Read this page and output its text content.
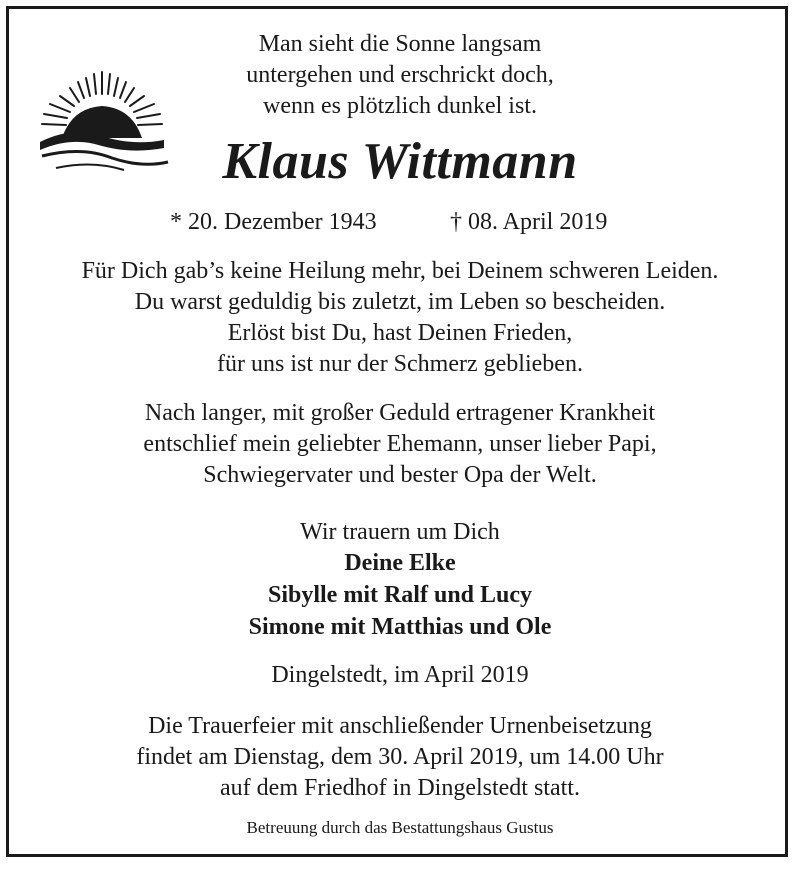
Man sieht die Sonne langsam
untergehen und erschrickt doch,
wenn es plötzlich dunkel ist.
Klaus Wittmann
* 20. Dezember 1943	† 08. April 2019
Für Dich gab’s keine Heilung mehr, bei Deinem schweren Leiden.
Du warst geduldig bis zuletzt, im Leben so bescheiden.
Erlöst bist Du, hast Deinen Frieden,
für uns ist nur der Schmerz geblieben.
Nach langer, mit großer Geduld ertragener Krankheit
entschlief mein geliebter Ehemann, unser lieber Papi,
Schwiegervater und bester Opa der Welt.
Wir trauern um Dich
Deine Elke
Sibylle mit Ralf und Lucy
Simone mit Matthias und Ole
Dingelstedt, im April 2019
Die Trauerfeier mit anschließender Urnenbeisetzung
findet am Dienstag, dem 30. April 2019, um 14.00 Uhr
auf dem Friedhof in Dingelstedt statt.
Betreuung durch das Bestattungshaus Gustus
